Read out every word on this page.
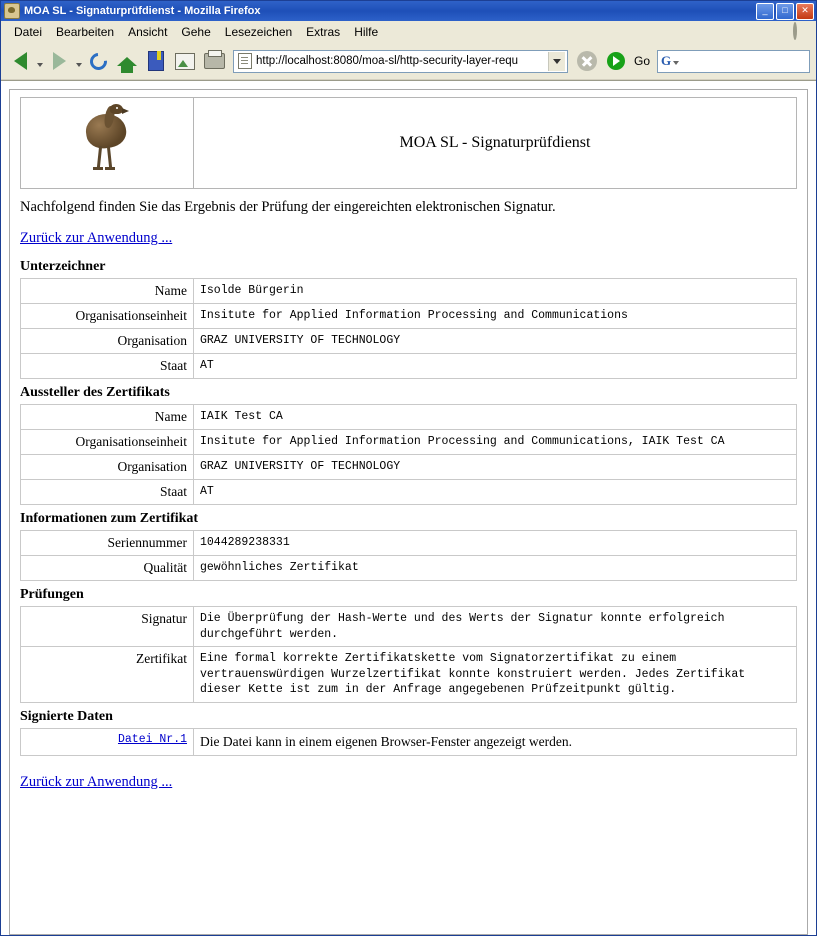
MOA SL - Signaturprüfdienst - Mozilla Firefox	_	□	✕
Datei	Bearbeiten	Ansicht	Gehe	Lesezeichen	Extras	Hilfe
http://localhost:8080/moa-sl/http-security-layer-requ	Go G
	MOA SL - Signaturprüfdienst
Nachfolgend finden Sie das Ergebnis der Prüfung der eingereichten elektronischen Signatur.
Zurück zur Anwendung ...
Unterzeichner
Name	Isolde Bürgerin
Organisationseinheit	Insitute for Applied Information Processing and Communications
Organisation	GRAZ UNIVERSITY OF TECHNOLOGY
Staat	AT
Aussteller des Zertifikats
Name	IAIK Test CA
Organisationseinheit	Insitute for Applied Information Processing and Communications, IAIK Test CA
Organisation	GRAZ UNIVERSITY OF TECHNOLOGY
Staat	AT
Informationen zum Zertifikat
Seriennummer	1044289238331
Qualität	gewöhnliches Zertifikat
Prüfungen
Signatur	Die Überprüfung der Hash-Werte und des Werts der Signatur konnte erfolgreich durchgeführt werden.
Zertifikat	Eine formal korrekte Zertifikatskette vom Signatorzertifikat zu einem vertrauenswürdigen Wurzelzertifikat konnte konstruiert werden. Jedes Zertifikat dieser Kette ist zum in der Anfrage angegebenen Prüfzeitpunkt gültig.
Signierte Daten
Datei Nr.1	Die Datei kann in einem eigenen Browser-Fenster angezeigt werden.
Zurück zur Anwendung ...
